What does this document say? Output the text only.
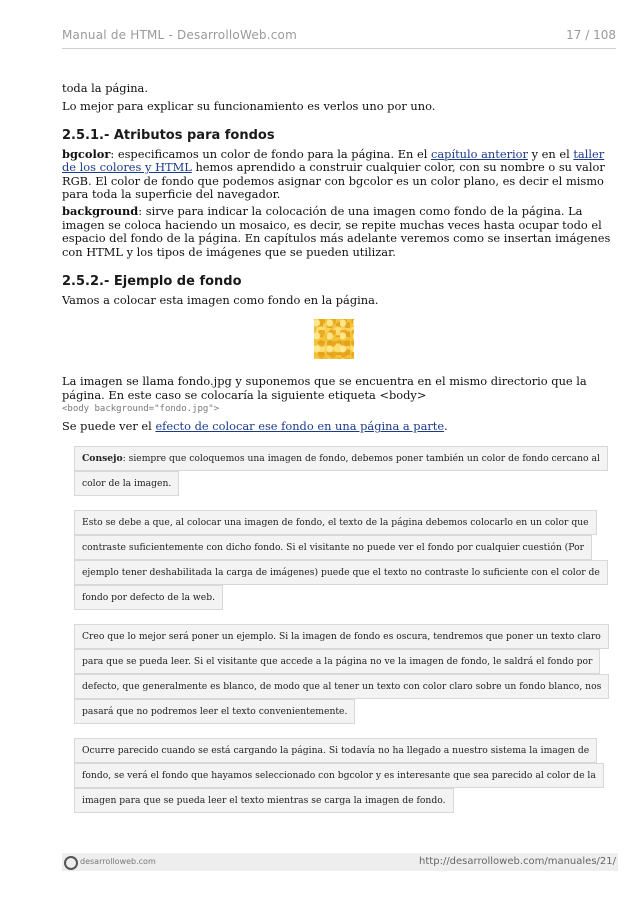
Manual de HTML - DesarrolloWeb.com	17 / 108

toda la página.

Lo mejor para explicar su funcionamiento es verlos uno por uno.

2.5.1.- Atributos para fondos

bgcolor: especificamos un color de fondo para la página. En el capítulo anterior y en el taller de los colores y HTML hemos aprendido a construir cualquier color, con su nombre o su valor RGB. El color de fondo que podemos asignar con bgcolor es un color plano, es decir el mismo para toda la superficie del navegador.

background: sirve para indicar la colocación de una imagen como fondo de la página. La imagen se coloca haciendo un mosaico, es decir, se repite muchas veces hasta ocupar todo el espacio del fondo de la página. En capítulos más adelante veremos como se insertan imágenes con HTML y los tipos de imágenes que se pueden utilizar.

2.5.2.- Ejemplo de fondo

Vamos a colocar esta imagen como fondo en la página.

La imagen se llama fondo.jpg y suponemos que se encuentra en el mismo directorio que la página. En este caso se colocaría la siguiente etiqueta <body>

<body background="fondo.jpg">

Se puede ver el efecto de colocar ese fondo en una página a parte.

Consejo: siempre que coloquemos una imagen de fondo, debemos poner también un color de fondo cercano al
color de la imagen.
Esto se debe a que, al colocar una imagen de fondo, el texto de la página debemos colocarlo en un color que
contraste suficientemente con dicho fondo. Si el visitante no puede ver el fondo por cualquier cuestión (Por
ejemplo tener deshabilitada la carga de imágenes) puede que el texto no contraste lo suficiente con el color de
fondo por defecto de la web.
Creo que lo mejor será poner un ejemplo. Si la imagen de fondo es oscura, tendremos que poner un texto claro
para que se pueda leer. Si el visitante que accede a la página no ve la imagen de fondo, le saldrá el fondo por
defecto, que generalmente es blanco, de modo que al tener un texto con color claro sobre un fondo blanco, nos
pasará que no podremos leer el texto convenientemente.
Ocurre parecido cuando se está cargando la página. Si todavía no ha llegado a nuestro sistema la imagen de
fondo, se verá el fondo que hayamos seleccionado con bgcolor y es interesante que sea parecido al color de la
imagen para que se pueda leer el texto mientras se carga la imagen de fondo.
desarrolloweb.com	http://desarrolloweb.com/manuales/21/
